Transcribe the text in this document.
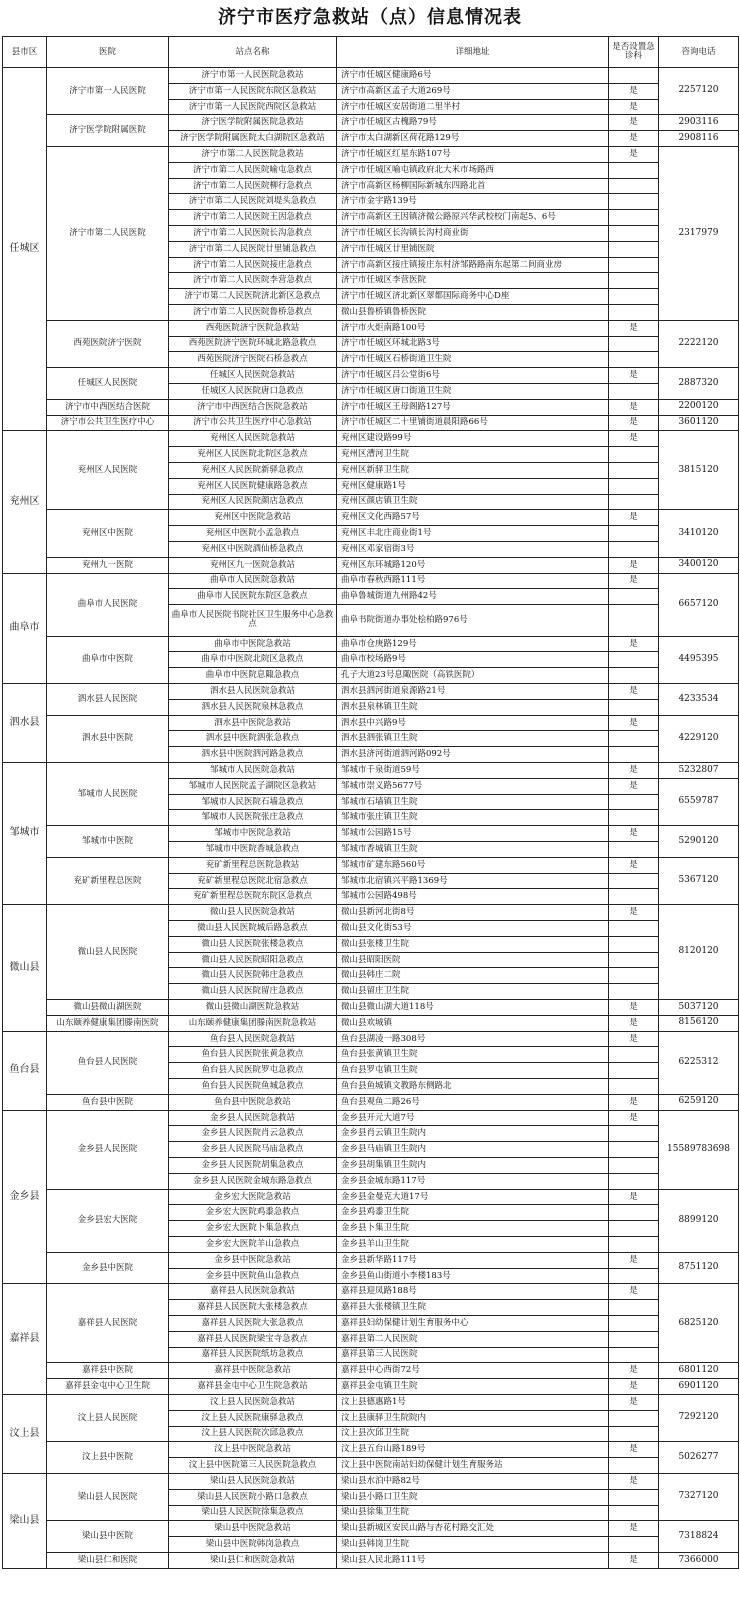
济宁市医疗急救站（点）信息情况表
县市区	医院	站点名称	详细地址	是否设置急诊科	咨询电话
任城区	济宁市第一人民医院	济宁市第一人民医院急救站	济宁市任城区健康路6号		2257120
		济宁市第一人民医院东院区急救站	济宁市高新区孟子大道269号	是	
		济宁市第一人民医院西院区急救站	济宁市任城区安居街道二里半村	是	
	济宁医学院附属医院	济宁医学院附属医院急救站	济宁市任城区古槐路79号	是	2903116
		济宁医学院附属医院太白湖院区急救站	济宁市太白湖新区荷花路129号	是	2908116
	济宁市第二人民医院	济宁市第二人民医院急救站	济宁市任城区红星东路107号	是	2317979
		济宁市第二人民医院喻屯急救点	济宁市任城区喻屯镇政府北大米市场路西		
		济宁市第二人民医院柳行急救点	济宁市高新区杨柳国际新城东四路北首		
		济宁市第二人民医院刘堤头急救点	济宁市金宇路139号		
		济宁市第二人民医院王因急救点	济宁市高新区王因镇济微公路原兴华武校校门南起5、6号		
		济宁市第二人民医院长沟急救点	济宁市任城区长沟镇长沟村商业街		
		济宁市第二人民医院廿里铺急救点	济宁市任城区廿里铺医院		
		济宁市第二人民医院接庄急救点	济宁市高新区接庄镇接庄东村济邹路路南东起第二间商业房		
		济宁市第二人民医院李营急救点	济宁市任城区李营医院		
		济宁市第二人民医院济北新区急救点	济宁市任城区济北新区翠都国际商务中心D座		
		济宁市第二人民医院鲁桥急救点	微山县鲁桥镇鲁桥医院		
	西苑医院济宁医院	西苑医院济宁医院急救站	济宁市火炬南路100号	是	2222120
		西苑医院济宁医院环城北路急救点	济宁市任城区环城北路3号		
		西苑医院济宁医院石桥急救点	济宁市任城区石桥街道卫生院		
	任城区人民医院	任城区人民医院急救站	济宁市任城区吕公堂街6号	是	2887320
		任城区人民医院唐口急救点	济宁市任城区唐口街道卫生院		
	济宁市中西医结合医院	济宁市中西医结合医院急救站	济宁市任城区王母阁路127号	是	2200120
	济宁市公共卫生医疗中心	济宁市公共卫生医疗中心急救站	济宁市任城区二十里铺街道晨阳路66号	是	3601120
兖州区	兖州区人民医院	兖州区人民医院急救站	兖州区建设路99号	是	3815120
		兖州区人民医院北院区急救点	兖州区漕河卫生院		
		兖州区人民医院新驿急救点	兖州区新驿卫生院		
		兖州区人民医院健康路急救点	兖州区健康路1号		
		兖州区人民医院颜店急救点	兖州区颜店镇卫生院		
	兖州区中医院	兖州区中医院急救站	兖州区文化西路57号	是	3410120
		兖州区中医院小孟急救点	兖州区丰北庄商业街1号		
		兖州区中医院酒仙桥急救点	兖州区邓家宿街3号		
	兖州九一医院	兖州区九一医院急救站	兖州区东环城路120号	是	3400120
曲阜市	曲阜市人民医院	曲阜市人民医院急救站	曲阜市春秋西路111号	是	6657120
		曲阜市人民医院东院区急救点	曲阜鲁城街道九州路42号		
		曲阜市人民医院书院社区卫生服务中心急救点	曲阜书院街道办事处桧柏路976号		
	曲阜市中医院	曲阜市中医院急救站	曲阜市仓庚路129号	是	4495395
		曲阜市中医院北院区急救点	曲阜市校场路9号		
		曲阜市中医院息陬急救点	孔子大道23号息陬医院（高铁医院）		
泗水县	泗水县人民医院	泗水县人民医院急救站	泗水县泗河街道泉源路21号	是	4233534
		泗水县人民医院泉林急救点	泗水县泉林镇卫生院		
	泗水县中医院	泗水县中医院急救站	泗水县中兴路9号	是	4229120
		泗水县中医院泗张急救点	泗水县泗张镇卫生院		
		泗水县中医院泗河路急救点	泗水县济河街道泗河路092号		
邹城市	邹城市人民医院	邹城市人民医院急救站	邹城市千泉街道59号	是	5232807
		邹城市人民医院孟子湖院区急救站	邹城市崇义路5677号	是	6559787
		邹城市人民医院石墙急救点	邹城市石墙镇卫生院		
		邹城市人民医院张庄急救点	邹城市张庄镇卫生院		
	邹城市中医院	邹城市中医院急救站	邹城市公园路15号	是	5290120
		邹城市中医院香城急救点	邹城市香城镇卫生院		
	兖矿新里程总医院	兖矿新里程总医院急救站	邹城市矿建东路560号	是	5367120
		兖矿新里程总医院北宿急救点	邹城市北宿镇兴平路1369号		
		兖矿新里程总医院东院区急救点	邹城市公园路498号		
微山县	微山县人民医院	微山县人民医院急救站	微山县新河北街8号	是	8120120
		微山县人民医院城后路急救点	微山县文化街53号		
		微山县人民医院张楼急救点	微山县张楼卫生院		
		微山县人民医院昭阳急救点	微山县昭阳医院		
		微山县人民医院韩庄急救点	微山县韩庄二院		
		微山县人民医院留庄急救点	微山县留庄卫生院		
	微山县微山湖医院	微山县微山湖医院急救站	微山县微山湖大道118号	是	5037120
	山东颐养健康集团滕南医院	山东颐养健康集团滕南医院急救站	微山县欢城镇	是	8156120
鱼台县	鱼台县人民医院	鱼台县人民医院急救站	鱼台县湖凌一路308号	是	6225312
		鱼台县人民医院张黄急救点	鱼台县张黄镇卫生院		
		鱼台县人民医院罗屯急救点	鱼台县罗屯镇卫生院		
		鱼台县人民医院鱼城急救点	鱼台县鱼城镇文教路东侧路北		
	鱼台县中医院	鱼台县中医院急救站	鱼台县观鱼二路26号	是	6259120
金乡县	金乡县人民医院	金乡县人民医院急救站	金乡县开元大道7号	是	15589783698
		金乡县人民医院肖云急救点	金乡县肖云镇卫生院内		
		金乡县人民医院马庙急救点	金乡县马庙镇卫生院内		
		金乡县人民医院胡集急救点	金乡县胡集镇卫生院内		
		金乡县人民医院金城东路急救点	金乡县金城东路117号		
	金乡县宏大医院	金乡宏大医院急救站	金乡县金曼克大道17号	是	8899120
		金乡宏大医院鸡黍急救点	金乡县鸡黍卫生院		
		金乡宏大医院卜集急救点	金乡县卜集卫生院		
		金乡宏大医院羊山急救点	金乡县羊山卫生院		
	金乡县中医院	金乡县中医院急救站	金乡县新华路117号	是	8751120
		金乡县中医院鱼山急救点	金乡县鱼山街道小李楼183号		
嘉祥县	嘉祥县人民医院	嘉祥县人民医院急救站	嘉祥县迎凤路188号	是	6825120
		嘉祥县人民医院大张楼急救点	嘉祥县大张楼镇卫生院		
		嘉祥县人民医院大张急救点	嘉祥县妇幼保健计划生育服务中心		
		嘉祥县人民医院梁宝寺急救点	嘉祥县第二人民医院		
		嘉祥县人民医院纸坊急救点	嘉祥县第三人民医院		
	嘉祥县中医院	嘉祥县中医院急救站	嘉祥县中心西街72号	是	6801120
	嘉祥县金屯中心卫生院	嘉祥县金屯中心卫生院急救站	嘉祥县金屯镇卫生院	是	6901120
汶上县	汶上县人民医院	汶上县人民医院急救站	汶上县德惠路1号	是	7292120
		汶上县人民医院康驿急救点	汶上县康驿卫生院院内		
		汶上县人民医院次邱急救点	汶上县次邱卫生院		
	汶上县中医院	汶上县中医院急救站	汶上县五台山路189号	是	5026277
		汶上县中医院第三人民医院急救点	汶上县中医院南站妇幼保健计划生育服务站		
梁山县	梁山县人民医院	梁山县人民医院急救站	梁山县水泊中路82号	是	7327120
		梁山县人民医院小路口急救点	梁山县小路口卫生院		
		梁山县人民医院徐集急救点	梁山县徐集卫生院		
	梁山县中医院	梁山县中医院急救站	梁山县新城区安民山路与杏花村路交汇处	是	7318824
		梁山县中医院韩岗急救点	梁山县韩岗卫生院		
	梁山县仁和医院	梁山县仁和医院急救站	梁山县人民北路111号	是	7366000
